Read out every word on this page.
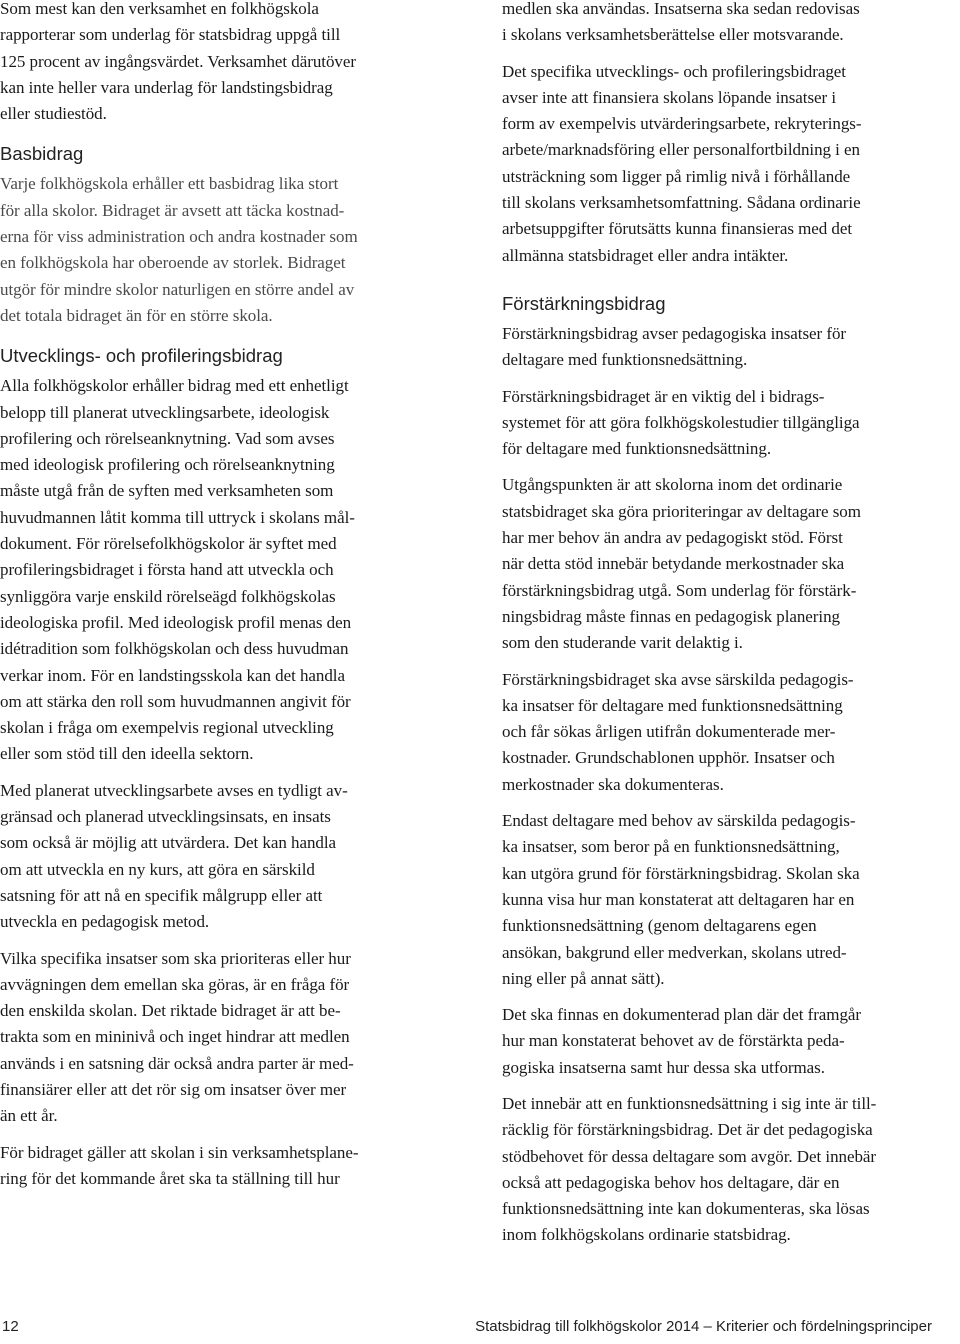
Som mest kan den verksamhet en folkhögskola
rapporterar som underlag för statsbidrag uppgå till
125 procent av ingångsvärdet. Verksamhet därutöver
kan inte heller vara underlag för landstingsbidrag
eller studiestöd.

Basbidrag

Varje folkhögskola erhåller ett basbidrag lika stort
för alla skolor. Bidraget är avsett att täcka kostnad-
erna för viss administration och andra kostnader som
en folkhögskola har oberoende av storlek. Bidraget
utgör för mindre skolor naturligen en större andel av
det totala bidraget än för en större skola.

Utvecklings- och profileringsbidrag

Alla folkhögskolor erhåller bidrag med ett enhetligt
belopp till planerat utvecklingsarbete, ideologisk
profilering och rörelseanknytning. Vad som avses
med ideologisk profilering och rörelseanknytning
måste utgå från de syften med verksamheten som
huvudmannen låtit komma till uttryck i skolans mål-
dokument. För rörelsefolkhögskolor är syftet med
profileringsbidraget i första hand att utveckla och
synliggöra varje enskild rörelseägd folkhögskolas
ideologiska profil. Med ideologisk profil menas den
idétradition som folkhögskolan och dess huvudman
verkar inom. För en landstingsskola kan det handla
om att stärka den roll som huvudmannen angivit för
skolan i fråga om exempelvis regional utveckling
eller som stöd till den ideella sektorn.

Med planerat utvecklingsarbete avses en tydligt av-
gränsad och planerad utvecklingsinsats, en insats
som också är möjlig att utvärdera. Det kan handla
om att utveckla en ny kurs, att göra en särskild
satsning för att nå en specifik målgrupp eller att
utveckla en pedagogisk metod.

Vilka specifika insatser som ska prioriteras eller hur
avvägningen dem emellan ska göras, är en fråga för
den enskilda skolan. Det riktade bidraget är att be-
trakta som en mininivå och inget hindrar att medlen
används i en satsning där också andra parter är med-
finansiärer eller att det rör sig om insatser över mer
än ett år.

För bidraget gäller att skolan i sin verksamhetsplane-
ring för det kommande året ska ta ställning till hur

medlen ska användas. Insatserna ska sedan redovisas
i skolans verksamhetsberättelse eller motsvarande.

Det specifika utvecklings- och profileringsbidraget
avser inte att finansiera skolans löpande insatser i
form av exempelvis utvärderingsarbete, rekryterings-
arbete/marknadsföring eller personalfortbildning i en
utsträckning som ligger på rimlig nivå i förhållande
till skolans verksamhetsomfattning. Sådana ordinarie
arbetsuppgifter förutsätts kunna finansieras med det
allmänna statsbidraget eller andra intäkter.

Förstärkningsbidrag

Förstärkningsbidrag avser pedagogiska insatser för
deltagare med funktionsnedsättning.

Förstärkningsbidraget är en viktig del i bidrags-
systemet för att göra folkhögskolestudier tillgängliga
för deltagare med funktionsnedsättning.

Utgångspunkten är att skolorna inom det ordinarie
statsbidraget ska göra prioriteringar av deltagare som
har mer behov än andra av pedagogiskt stöd. Först
när detta stöd innebär betydande merkostnader ska
förstärkningsbidrag utgå. Som underlag för förstärk-
ningsbidrag måste finnas en pedagogisk planering
som den studerande varit delaktig i.

Förstärkningsbidraget ska avse särskilda pedagogis-
ka insatser för deltagare med funktionsnedsättning
och får sökas årligen utifrån dokumenterade mer-
kostnader. Grundschablonen upphör. Insatser och
merkostnader ska dokumenteras.

Endast deltagare med behov av särskilda pedagogis-
ka insatser, som beror på en funktionsnedsättning,
kan utgöra grund för förstärkningsbidrag. Skolan ska
kunna visa hur man konstaterat att deltagaren har en
funktionsnedsättning (genom deltagarens egen
ansökan, bakgrund eller medverkan, skolans utred-
ning eller på annat sätt).

Det ska finnas en dokumenterad plan där det framgår
hur man konstaterat behovet av de förstärkta peda-
gogiska insatserna samt hur dessa ska utformas.

Det innebär att en funktionsnedsättning i sig inte är till-
räcklig för förstärkningsbidrag. Det är det pedagogiska
stödbehovet för dessa deltagare som avgör. Det innebär
också att pedagogiska behov hos deltagare, där en
funktionsnedsättning inte kan dokumenteras, ska lösas
inom folkhögskolans ordinarie statsbidrag.

12	Statsbidrag till folkhögskolor 2014 – Kriterier och fördelningsprinciper
